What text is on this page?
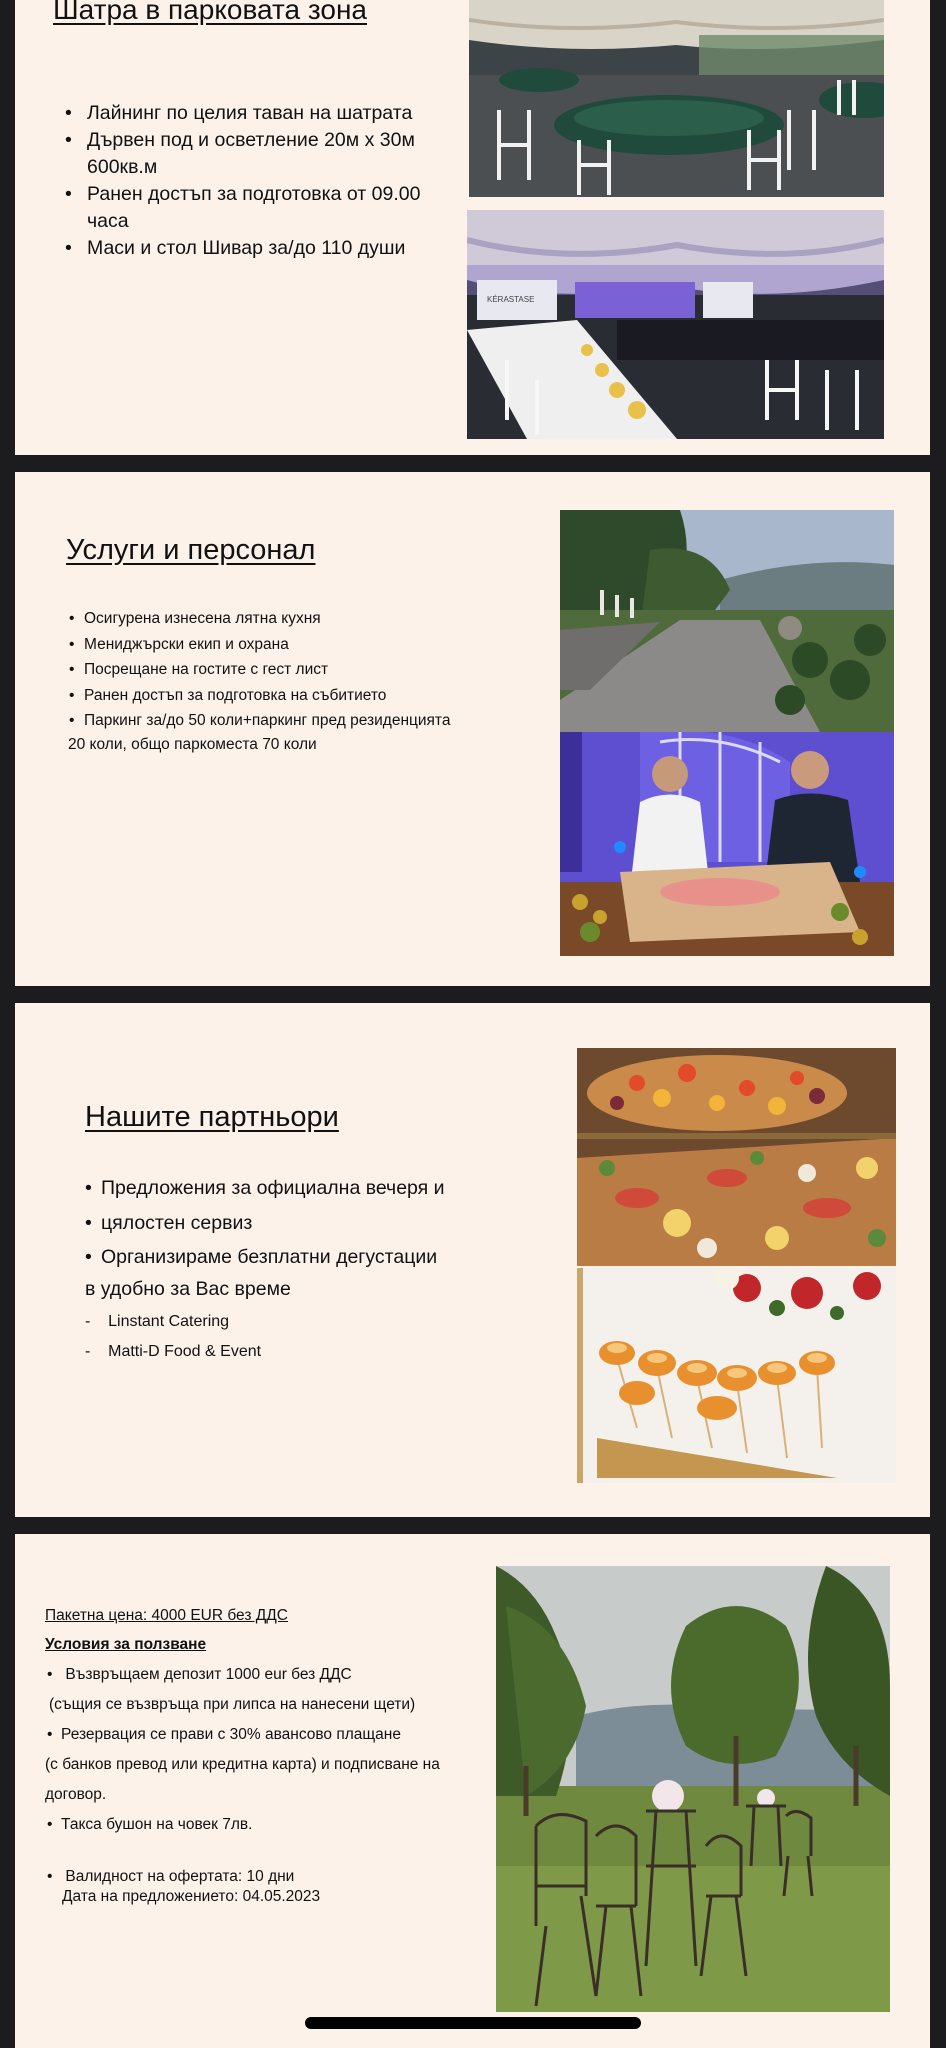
Шатра в парковата зона
• Лайнинг по целия таван на шатрата
• Дървен под и осветление 20м х 30м 600кв.м
• Ранен достъп за подготовка от 09.00 часа
• Маси и стол Шивар за/до 110 души
KÉRASTASE
Услуги и персонал
• Осигурена изнесена лятна кухня
• Мениджърски екип и охрана
• Посрещане на гостите с гест лист
• Ранен достъп за подготовка на събитието
• Паркинг за/до 50 коли+паркинг пред резиденцията
20 коли, общо паркоместа 70 коли
Нашите партньори
• Предложения за официална вечеря и
• цялостен сервиз
• Организираме безплатни дегустации
в удобно за Вас време
-    Linstant Catering
-    Matti-D Food & Event
Пакетна цена: 4000 EUR без ДДС
Условия за ползване
•   Възвръщаем депозит 1000 eur без ДДС
(същия се възвръща при липса на нанесени щети)
•  Резервация се прави с 30% авансово плащане
(с банков превод или кредитна карта) и подписване на
договор.
•  Такса бушон на човек 7лв.
•   Валидност на офертата: 10 дни
Дата на предложението: 04.05.2023
